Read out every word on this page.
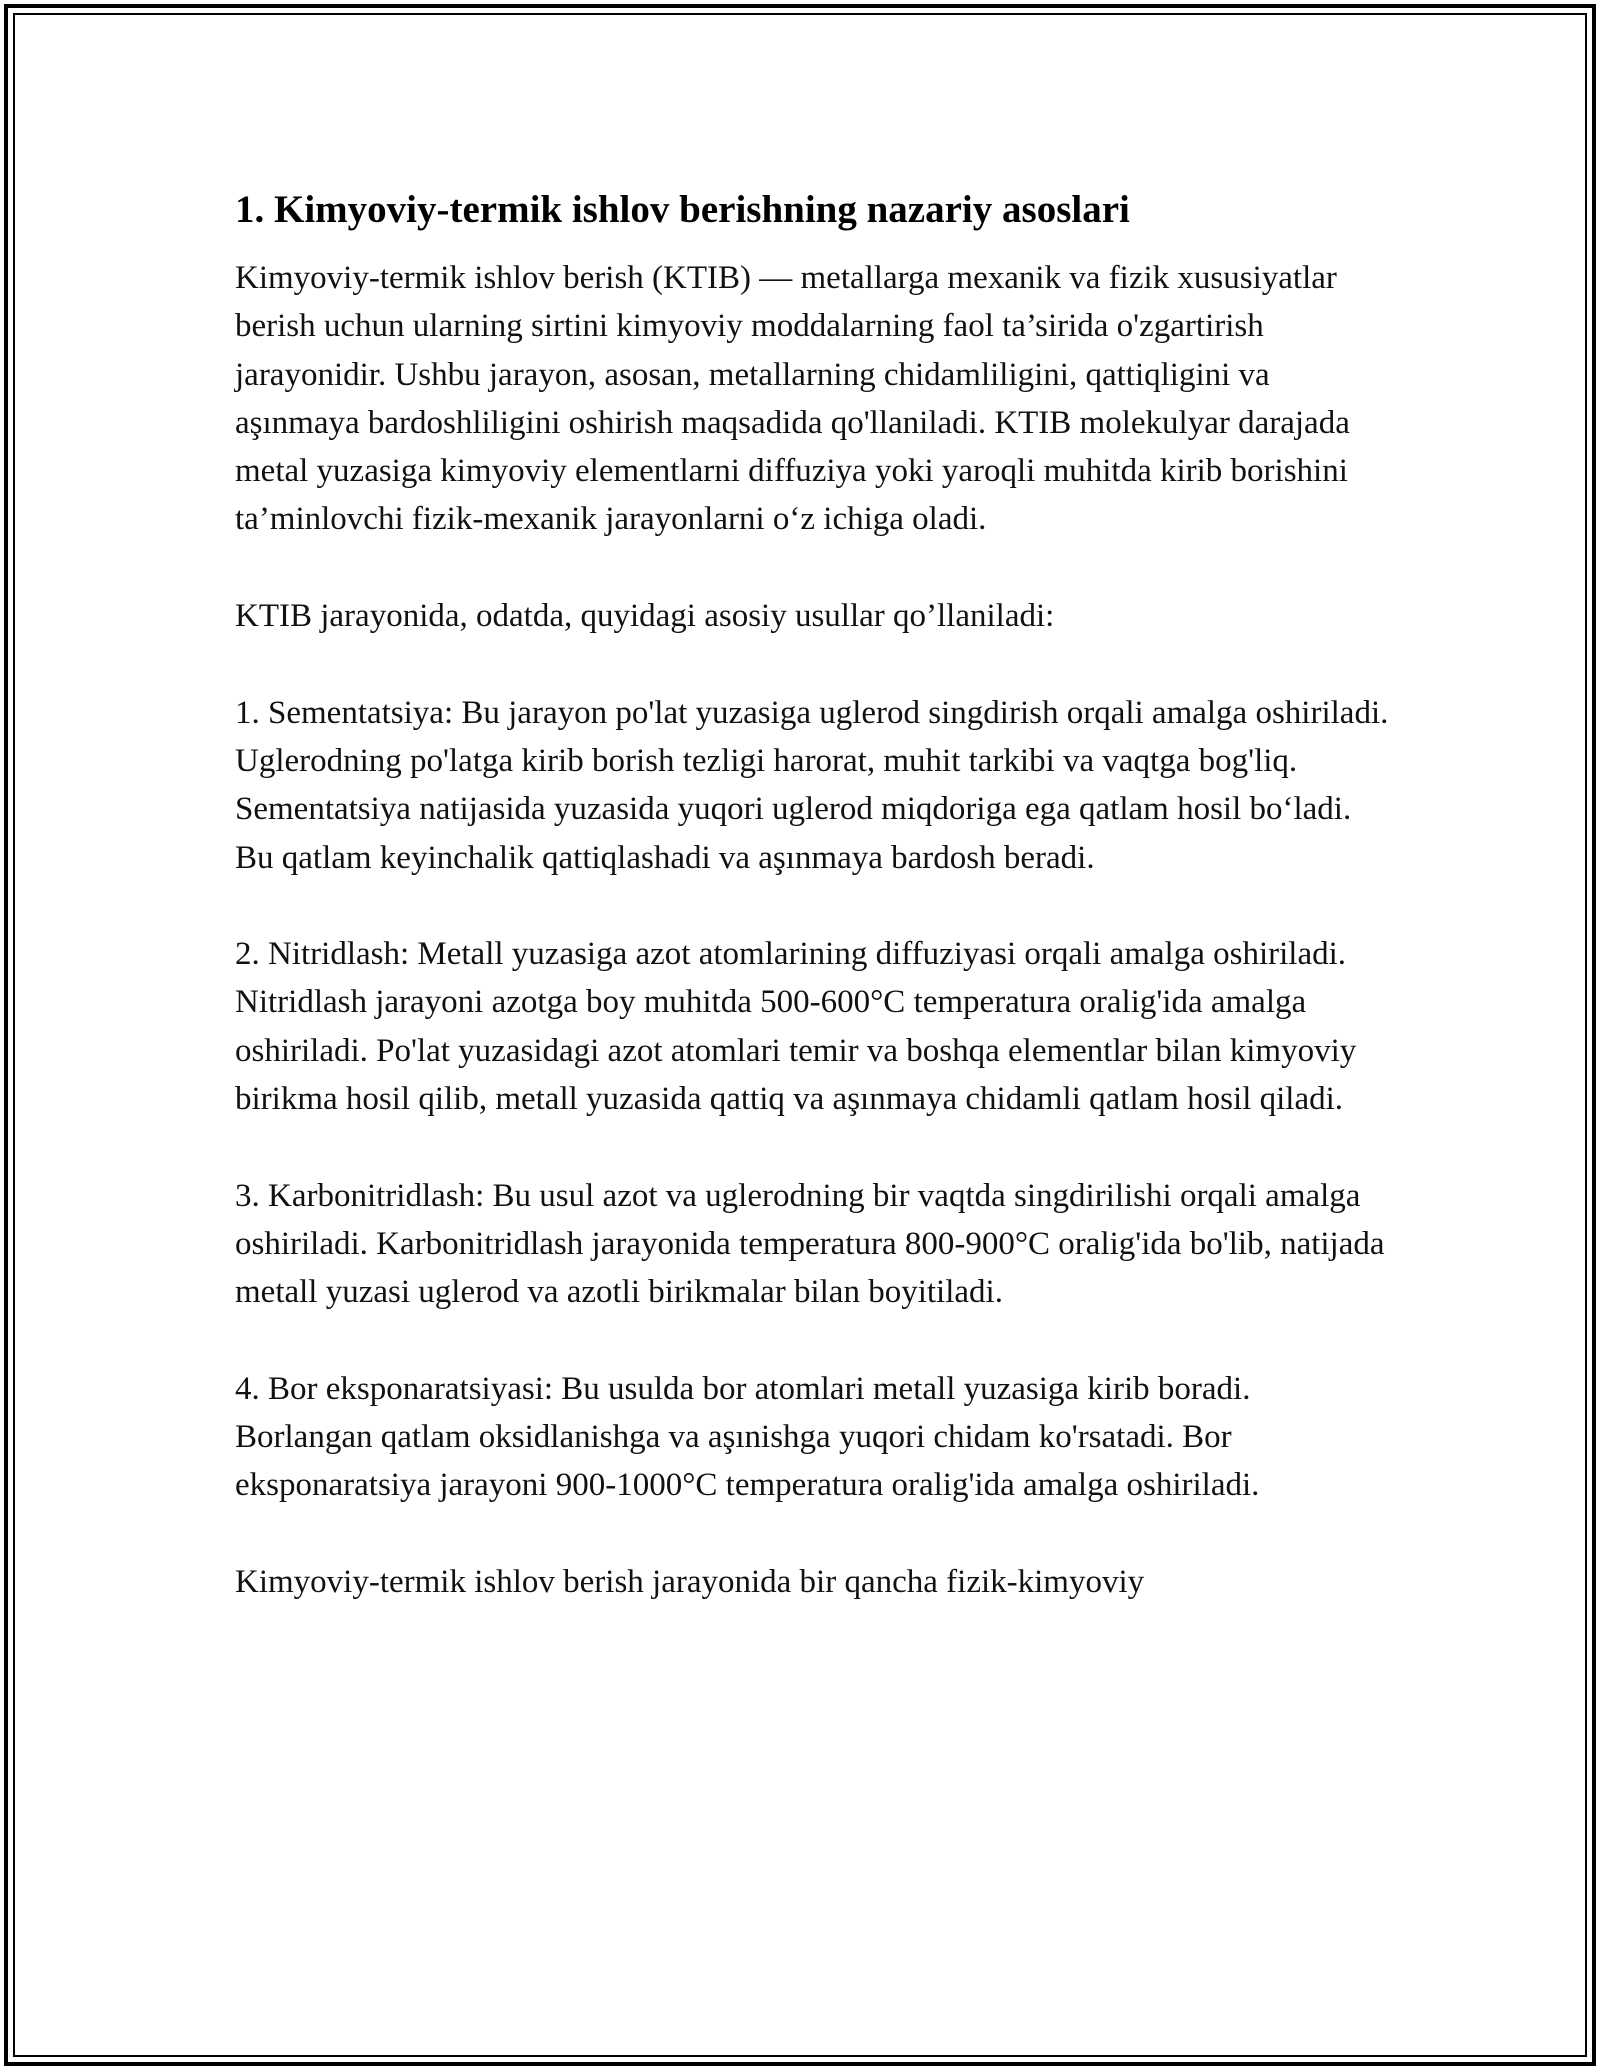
1. Kimyoviy-termik ishlov berishning nazariy asoslari

Kimyoviy-termik ishlov berish (KTIB) — metallarga mexanik va fizik xususiyatlar berish uchun ularning sirtini kimyoviy moddalarning faol ta’sirida o'zgartirish jarayonidir. Ushbu jarayon, asosan, metallarning chidamliligini, qattiqligini va aşınmaya bardoshliligini oshirish maqsadida qo'llaniladi. KTIB molekulyar darajada metal yuzasiga kimyoviy elementlarni diffuziya yoki yaroqli muhitda kirib borishini ta’minlovchi fizik-mexanik jarayonlarni o‘z ichiga oladi.

KTIB jarayonida, odatda, quyidagi asosiy usullar qo’llaniladi:

1. Sementatsiya: Bu jarayon po'lat yuzasiga uglerod singdirish orqali amalga oshiriladi. Uglerodning po'latga kirib borish tezligi harorat, muhit tarkibi va vaqtga bog'liq. Sementatsiya natijasida yuzasida yuqori uglerod miqdoriga ega qatlam hosil bo‘ladi. Bu qatlam keyinchalik qattiqlashadi va aşınmaya bardosh beradi.

2. Nitridlash: Metall yuzasiga azot atomlarining diffuziyasi orqali amalga oshiriladi. Nitridlash jarayoni azotga boy muhitda 500-600°C temperatura oralig'ida amalga oshiriladi. Po'lat yuzasidagi azot atomlari temir va boshqa elementlar bilan kimyoviy birikma hosil qilib, metall yuzasida qattiq va aşınmaya chidamli qatlam hosil qiladi.

3. Karbonitridlash: Bu usul azot va uglerodning bir vaqtda singdirilishi orqali amalga oshiriladi. Karbonitridlash jarayonida temperatura 800-900°C oralig'ida bo'lib, natijada metall yuzasi uglerod va azotli birikmalar bilan boyitiladi.

4. Bor eksponaratsiyasi: Bu usulda bor atomlari metall yuzasiga kirib boradi. Borlangan qatlam oksidlanishga va aşınishga yuqori chidam ko'rsatadi. Bor eksponaratsiya jarayoni 900-1000°C temperatura oralig'ida amalga oshiriladi.

Kimyoviy-termik ishlov berish jarayonida bir qancha fizik-kimyoviy
